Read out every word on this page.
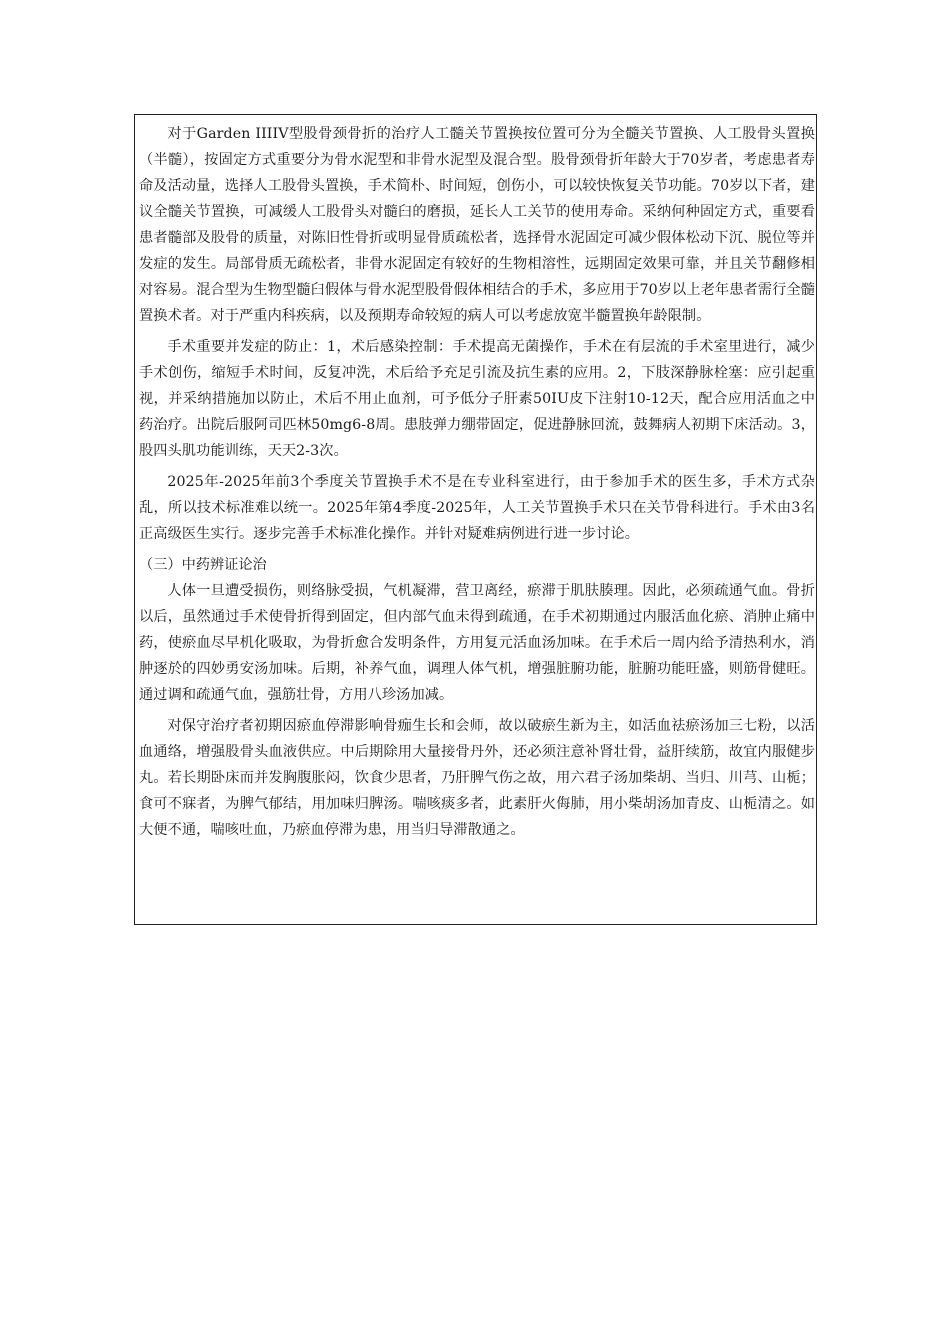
对于Garden IIIIV型股骨颈骨折的治疗人工髓关节置换按位置可分为全髓关节置换、人工股骨头置换（半髓），按固定方式重要分为骨水泥型和非骨水泥型及混合型。股骨颈骨折年龄大于70岁者，考虑患者寿命及活动量，选择人工股骨头置换，手术简朴、时间短，创伤小，可以较快恢复关节功能。70岁以下者，建议全髓关节置换，可减缓人工股骨头对髓臼的磨损，延长人工关节的使用寿命。采纳何种固定方式，重要看患者髓部及股骨的质量，对陈旧性骨折或明显骨质疏松者，选择骨水泥固定可减少假体松动下沉、脱位等并发症的发生。局部骨质无疏松者，非骨水泥固定有较好的生物相溶性，远期固定效果可靠，并且关节翻修相对容易。混合型为生物型髓臼假体与骨水泥型股骨假体相结合的手术，多应用于70岁以上老年患者需行全髓置换术者。对于严重内科疾病，以及预期寿命较短的病人可以考虑放宽半髓置换年龄限制。

手术重要并发症的防止：1，术后感染控制：手术提高无菌操作，手术在有层流的手术室里进行，减少手术创伤，缩短手术时间，反复冲洗，术后给予充足引流及抗生素的应用。2，下肢深静脉栓塞：应引起重视，并采纳措施加以防止，术后不用止血剂，可予低分子肝素50IU皮下注射10-12天，配合应用活血之中药治疗。出院后服阿司匹林50mg6-8周。患肢弹力绷带固定，促进静脉回流，鼓舞病人初期下床活动。3，股四头肌功能训练，天天2-3次。

2025年-2025年前3个季度关节置换手术不是在专业科室进行，由于参加手术的医生多，手术方式杂乱，所以技术标准难以统一。2025年第4季度-2025年，人工关节置换手术只在关节骨科进行。手术由3名正高级医生实行。逐步完善手术标准化操作。并针对疑难病例进行进一步讨论。

（三）中药辨证论治

人体一旦遭受损伤，则络脉受损，气机凝滞，营卫离经，瘀滞于肌肤腠理。因此，必须疏通气血。骨折以后，虽然通过手术使骨折得到固定，但内部气血未得到疏通，在手术初期通过内服活血化瘀、消肿止痛中药，使瘀血尽早机化吸取，为骨折愈合发明条件，方用复元活血汤加味。在手术后一周内给予清热利水，消肿逐於的四妙勇安汤加味。后期，补养气血，调理人体气机，增强脏腑功能，脏腑功能旺盛，则筋骨健旺。通过调和疏通气血，强筋壮骨，方用八珍汤加减。

对保守治疗者初期因瘀血停滞影响骨痂生长和会师，故以破瘀生新为主，如活血祛瘀汤加三七粉，以活血通络，增强股骨头血液供应。中后期除用大量接骨丹外，还必须注意补肾壮骨，益肝续筋，故宜内服健步丸。若长期卧床而并发胸腹胀闷，饮食少思者，乃肝脾气伤之故，用六君子汤加柴胡、当归、川芎、山栀；食可不寐者，为脾气郁结，用加味归脾汤。喘咳痰多者，此素肝火侮肺，用小柴胡汤加青皮、山栀清之。如大便不通，喘咳吐血，乃瘀血停滞为患，用当归导滞散通之。
